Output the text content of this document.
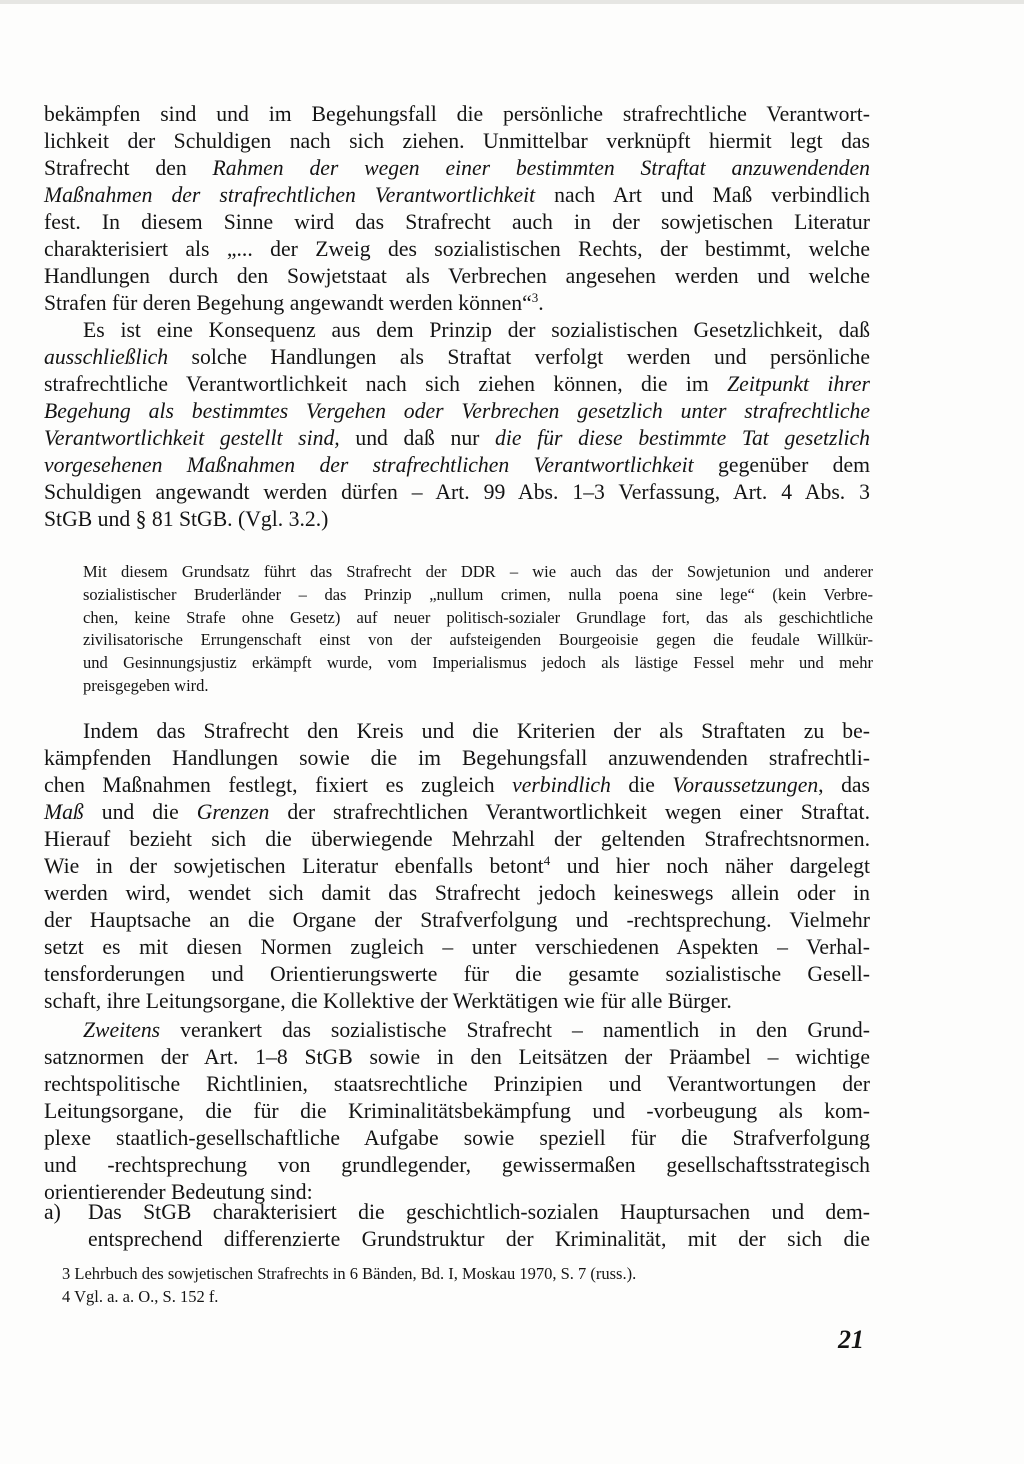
bekämpfen sind und im Begehungsfall die persönliche strafrechtliche Verantwort-

lichkeit der Schuldigen nach sich ziehen. Unmittelbar verknüpft hiermit legt das

Strafrecht den Rahmen der wegen einer bestimmten Straftat anzuwendenden

Maßnahmen der strafrechtlichen Verantwortlichkeit nach Art und Maß verbindlich

fest. In diesem Sinne wird das Strafrecht auch in der sowjetischen Literatur

charakterisiert als „... der Zweig des sozialistischen Rechts, der bestimmt, welche

Handlungen durch den Sowjetstaat als Verbrechen angesehen werden und welche

Strafen für deren Begehung angewandt werden können“$^3$.

Es ist eine Konsequenz aus dem Prinzip der sozialistischen Gesetzlichkeit, daß

ausschließlich solche Handlungen als Straftat verfolgt werden und persönliche

strafrechtliche Verantwortlichkeit nach sich ziehen können, die im Zeitpunkt ihrer

Begehung als bestimmtes Vergehen oder Verbrechen gesetzlich unter strafrechtliche

Verantwortlichkeit gestellt sind, und daß nur die für diese bestimmte Tat gesetzlich

vorgesehenen Maßnahmen der strafrechtlichen Verantwortlichkeit gegenüber dem

Schuldigen angewandt werden dürfen – Art. 99 Abs. 1–3 Verfassung, Art. 4 Abs. 3

StGB und § 81 StGB. (Vgl. 3.2.)

Mit diesem Grundsatz führt das Strafrecht der DDR – wie auch das der Sowjetunion und anderer
sozialistischer Bruderländer – das Prinzip „nullum crimen, nulla poena sine lege“ (kein Verbre-
chen, keine Strafe ohne Gesetz) auf neuer politisch-sozialer Grundlage fort, das als geschichtliche
zivilisatorische Errungenschaft einst von der aufsteigenden Bourgeoisie gegen die feudale Willkür-
und Gesinnungsjustiz erkämpft wurde, vom Imperialismus jedoch als lästige Fessel mehr und mehr
preisgegeben wird.

Indem das Strafrecht den Kreis und die Kriterien der als Straftaten zu be-

kämpfenden Handlungen sowie die im Begehungsfall anzuwendenden strafrechtli-

chen Maßnahmen festlegt, fixiert es zugleich verbindlich die Voraussetzungen, das

Maß und die Grenzen der strafrechtlichen Verantwortlichkeit wegen einer Straftat.

Hierauf bezieht sich die überwiegende Mehrzahl der geltenden Strafrechtsnormen.

Wie in der sowjetischen Literatur ebenfalls betont$^4$ und hier noch näher dargelegt

werden wird, wendet sich damit das Strafrecht jedoch keineswegs allein oder in

der Hauptsache an die Organe der Strafverfolgung und -rechtsprechung. Vielmehr

setzt es mit diesen Normen zugleich – unter verschiedenen Aspekten – Verhal-

tensforderungen und Orientierungswerte für die gesamte sozialistische Gesell-

schaft, ihre Leitungsorgane, die Kollektive der Werktätigen wie für alle Bürger.

Zweitens verankert das sozialistische Strafrecht – namentlich in den Grund-

satznormen der Art. 1–8 StGB sowie in den Leitsätzen der Präambel – wichtige

rechtspolitische Richtlinien, staatsrechtliche Prinzipien und Verantwortungen der

Leitungsorgane, die für die Kriminalitätsbekämpfung und -vorbeugung als kom-

plexe staatlich-gesellschaftliche Aufgabe sowie speziell für die Strafverfolgung

und -rechtsprechung von grundlegender, gewissermaßen gesellschaftsstrategisch

orientierender Bedeutung sind:

a) Das StGB charakterisiert die geschichtlich-sozialen Hauptursachen und dem-
entsprechend differenzierte Grundstruktur der Kriminalität, mit der sich die
3 Lehrbuch des sowjetischen Strafrechts in 6 Bänden, Bd. I, Moskau 1970, S. 7 (russ.).
4 Vgl. a. a. O., S. 152 f.
21
